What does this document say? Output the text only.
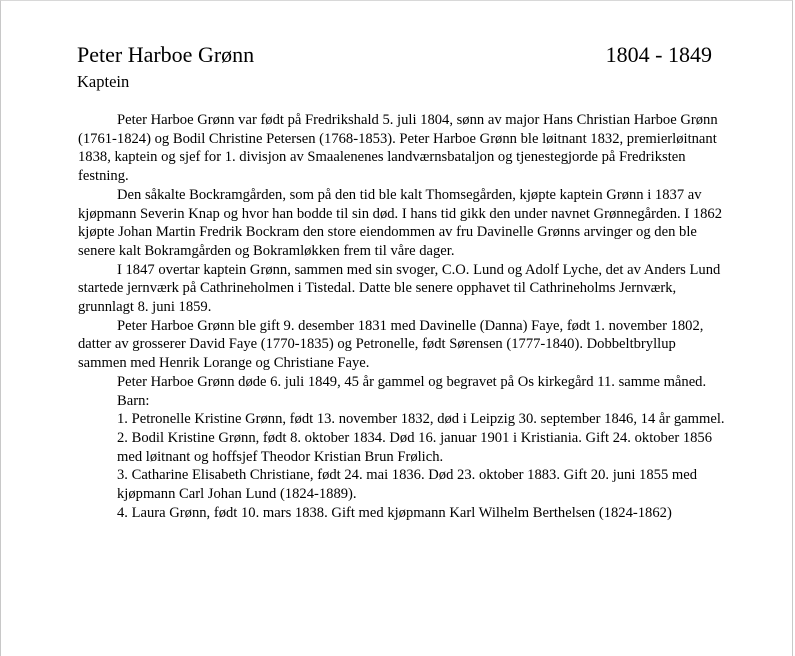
Peter Harboe Grønn	1804 - 1849
Kaptein

Peter Harboe Grønn var født på Fredrikshald 5. juli 1804, sønn av major Hans Christian Harboe Grønn (1761-1824) og Bodil Christine Petersen (1768-1853). Peter Harboe Grønn ble løitnant 1832, premierløitnant 1838, kaptein og sjef for 1. divisjon av Smaalenenes landværnsbataljon og tjenestegjorde på Fredriksten festning.

Den såkalte Bockramgården, som på den tid ble kalt Thomsegården, kjøpte kaptein Grønn i 1837 av kjøpmann Severin Knap og hvor han bodde til sin død. I hans tid gikk den under navnet Grønnegården. I 1862 kjøpte Johan Martin Fredrik Bockram den store eiendommen av fru Davinelle Grønns arvinger og den ble senere kalt Bokramgården og Bokramløkken frem til våre dager.

I 1847 overtar kaptein Grønn, sammen med sin svoger, C.O. Lund og Adolf Lyche, det av Anders Lund startede jernværk på Cathrineholmen i Tistedal. Datte ble senere opphavet til Cathrineholms Jernværk, grunnlagt 8. juni 1859.

Peter Harboe Grønn ble gift 9. desember 1831 med Davinelle (Danna) Faye, født 1. november 1802, datter av grosserer David Faye (1770-1835) og Petronelle, født Sørensen (1777-1840). Dobbeltbryllup sammen med Henrik Lorange og Christiane Faye.

Peter Harboe Grønn døde 6. juli 1849, 45 år gammel og begravet på Os kirkegård 11. samme måned.

Barn:

1. Petronelle Kristine Grønn, født 13. november 1832, død i Leipzig 30. september 1846, 14 år gammel.

2. Bodil Kristine Grønn, født 8. oktober 1834. Død 16. januar 1901 i Kristiania. Gift 24. oktober 1856 med løitnant og hoffsjef Theodor Kristian Brun Frølich.

3. Catharine Elisabeth Christiane, født 24. mai 1836. Død 23. oktober 1883. Gift 20. juni 1855 med kjøpmann Carl Johan Lund (1824-1889).

4. Laura Grønn, født 10. mars 1838. Gift med kjøpmann Karl Wilhelm Berthelsen (1824-1862)
